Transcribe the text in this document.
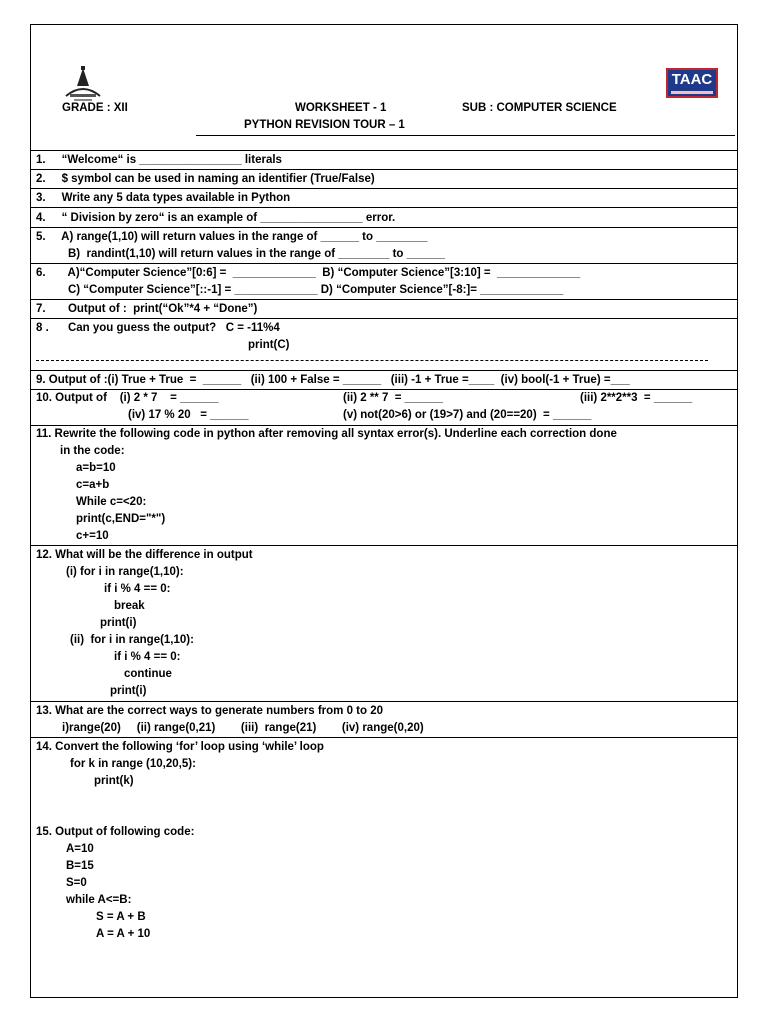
TAAC
GRADE : XII	WORKSHEET - 1	SUB : COMPUTER SCIENCE
PYTHON REVISION TOUR – 1
1.     “Welcome“ is ________________ literals
2.     $ symbol can be used in naming an identifier (True/False)
3.     Write any 5 data types available in Python
4.     “ Division by zero“ is an example of ________________ error.
5.     A) range(1,10) will return values in the range of ______ to ________
B)  randint(1,10) will return values in the range of ________ to ______
6.       A)“Computer Science”[0:6] =  _____________  B) “Computer Science”[3:10] =  _____________
C) “Computer Science”[::-1] = _____________ D) “Computer Science”[-8:]= _____________
7.       Output of :  print(“Ok”*4 + “Done”)
8 .      Can you guess the output?   C = -11%4
print(C)
9. Output of :(i) True + True  =  ______   (ii) 100 + False = ______   (iii) -1 + True =____  (iv) bool(-1 + True) =___
10. Output of    (i) 2 * 7    = ______	(ii) 2 ** 7  = ______	(iii) 2**2**3  = ______
(iv) 17 % 20   = ______	(v) not(20>6) or (19>7) and (20==20)  = ______
11. Rewrite the following code in python after removing all syntax error(s). Underline each correction done
in the code:
a=b=10
c=a+b
While c=<20:
print(c,END="*")
c+=10
12. What will be the difference in output
(i) for i in range(1,10):
if i % 4 == 0:
break
print(i)
(ii)  for i in range(1,10):
if i % 4 == 0:
continue
print(i)
13. What are the correct ways to generate numbers from 0 to 20
i)range(20)     (ii) range(0,21)        (iii)  range(21)        (iv) range(0,20)
14. Convert the following ‘for’ loop using ‘while’ loop
for k in range (10,20,5):
print(k)
15. Output of following code:
A=10
B=15
S=0
while A<=B:
S = A + B
A = A + 10
